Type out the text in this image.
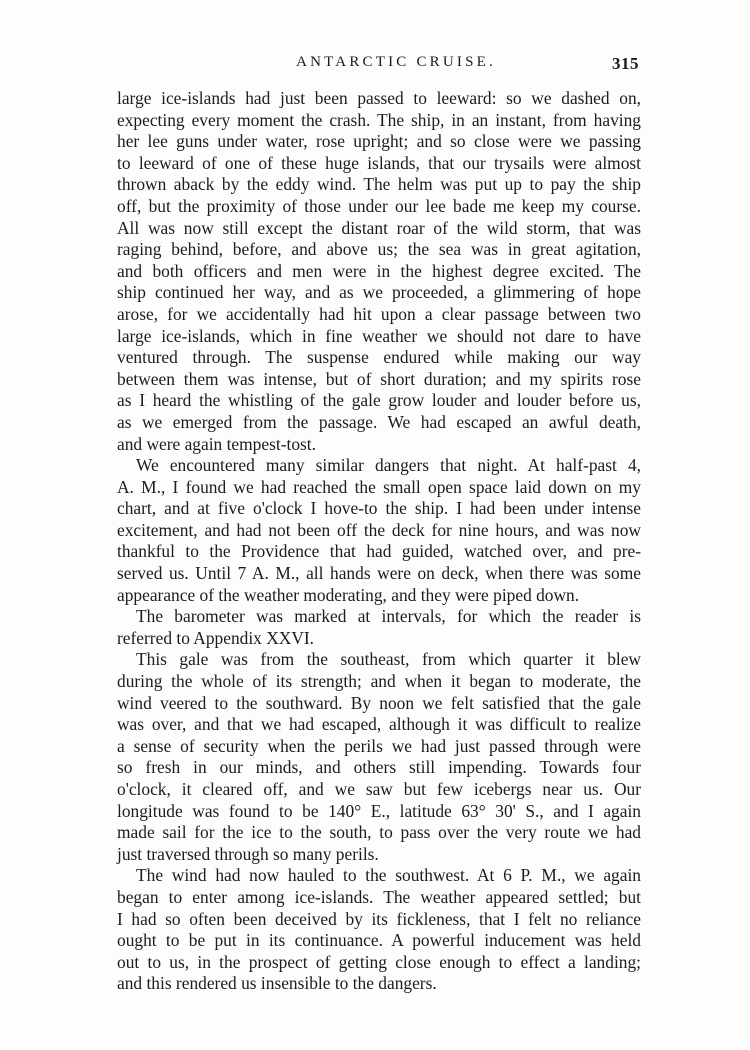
ANTARCTIC CRUISE.	315
large ice-islands had just been passed to leeward: so we dashed on,
expecting every moment the crash. The ship, in an instant, from having
her lee guns under water, rose upright; and so close were we passing
to leeward of one of these huge islands, that our trysails were almost
thrown aback by the eddy wind. The helm was put up to pay the ship
off, but the proximity of those under our lee bade me keep my course.
All was now still except the distant roar of the wild storm, that was
raging behind, before, and above us; the sea was in great agitation,
and both officers and men were in the highest degree excited. The
ship continued her way, and as we proceeded, a glimmering of hope
arose, for we accidentally had hit upon a clear passage between two
large ice-islands, which in fine weather we should not dare to have
ventured through. The suspense endured while making our way
between them was intense, but of short duration; and my spirits rose
as I heard the whistling of the gale grow louder and louder before us,
as we emerged from the passage. We had escaped an awful death,
and were again tempest-tost.
We encountered many similar dangers that night. At half-past 4,
A. M., I found we had reached the small open space laid down on my
chart, and at five o'clock I hove-to the ship. I had been under intense
excitement, and had not been off the deck for nine hours, and was now
thankful to the Providence that had guided, watched over, and pre-
served us. Until 7 A. M., all hands were on deck, when there was some
appearance of the weather moderating, and they were piped down.
The barometer was marked at intervals, for which the reader is
referred to Appendix XXVI.
This gale was from the southeast, from which quarter it blew
during the whole of its strength; and when it began to moderate, the
wind veered to the southward. By noon we felt satisfied that the gale
was over, and that we had escaped, although it was difficult to realize
a sense of security when the perils we had just passed through were
so fresh in our minds, and others still impending. Towards four
o'clock, it cleared off, and we saw but few icebergs near us. Our
longitude was found to be 140° E., latitude 63° 30' S., and I again
made sail for the ice to the south, to pass over the very route we had
just traversed through so many perils.
The wind had now hauled to the southwest. At 6 P. M., we again
began to enter among ice-islands. The weather appeared settled; but
I had so often been deceived by its fickleness, that I felt no reliance
ought to be put in its continuance. A powerful inducement was held
out to us, in the prospect of getting close enough to effect a landing;
and this rendered us insensible to the dangers.
